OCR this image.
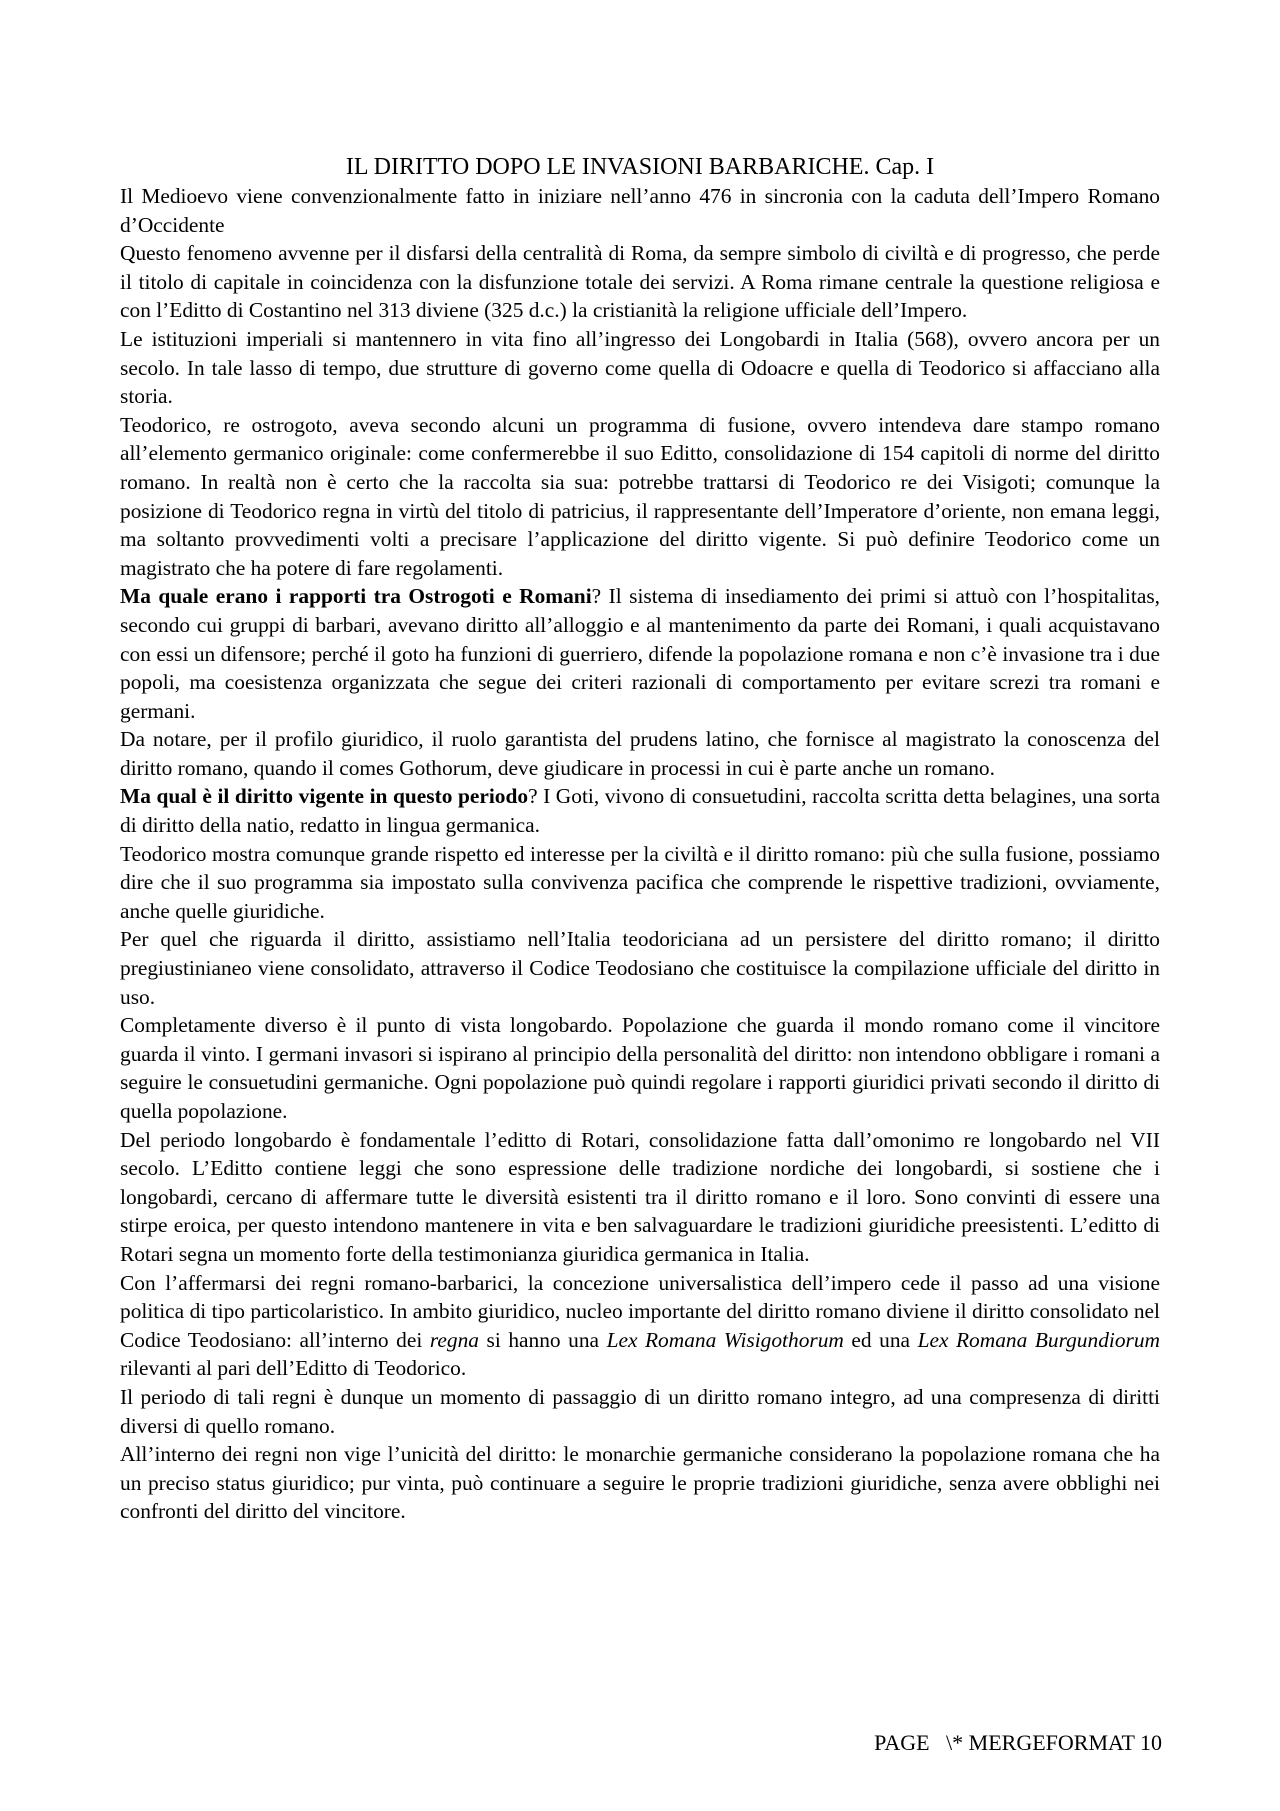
IL DIRITTO DOPO LE INVASIONI BARBARICHE. Cap. I

Il Medioevo viene convenzionalmente fatto in iniziare nell’anno 476 in sincronia con la caduta dell’Impero Romano d’Occidente

Questo fenomeno avvenne per il disfarsi della centralità di Roma, da sempre simbolo di civiltà e di progresso, che perde il titolo di capitale in coincidenza con la disfunzione totale dei servizi. A Roma rimane centrale la questione religiosa e con l’Editto di Costantino nel 313 diviene (325 d.c.) la cristianità la religione ufficiale dell’Impero.

Le istituzioni imperiali si mantennero in vita fino all’ingresso dei Longobardi in Italia (568), ovvero ancora per un secolo. In tale lasso di tempo, due strutture di governo come quella di Odoacre e quella di Teodorico si affacciano alla storia.

Teodorico, re ostrogoto, aveva secondo alcuni un programma di fusione, ovvero intendeva dare stampo romano all’elemento germanico originale: come confermerebbe il suo Editto, consolidazione di 154 capitoli di norme del diritto romano. In realtà non è certo che la raccolta sia sua: potrebbe trattarsi di Teodorico re dei Visigoti; comunque la posizione di Teodorico regna in virtù del titolo di patricius, il rappresentante dell’Imperatore d’oriente, non emana leggi, ma soltanto provvedimenti volti a precisare l’applicazione del diritto vigente. Si può definire Teodorico come un magistrato che ha potere di fare regolamenti.

Ma quale erano i rapporti tra Ostrogoti e Romani? Il sistema di insediamento dei primi si attuò con l’hospitalitas, secondo cui gruppi di barbari, avevano diritto all’alloggio e al mantenimento da parte dei Romani, i quali acquistavano con essi un difensore; perché il goto ha funzioni di guerriero, difende la popolazione romana e non c’è invasione tra i due popoli, ma coesistenza organizzata che segue dei criteri razionali di comportamento per evitare screzi tra romani e germani.

Da notare, per il profilo giuridico, il ruolo garantista del prudens latino, che fornisce al magistrato la conoscenza del diritto romano, quando il comes Gothorum, deve giudicare in processi in cui è parte anche un romano.

Ma qual è il diritto vigente in questo periodo? I Goti, vivono di consuetudini, raccolta scritta detta belagines, una sorta di diritto della natio, redatto in lingua germanica.

Teodorico mostra comunque grande rispetto ed interesse per la civiltà e il diritto romano: più che sulla fusione, possiamo dire che il suo programma sia impostato sulla convivenza pacifica che comprende le rispettive tradizioni, ovviamente, anche quelle giuridiche.

Per quel che riguarda il diritto, assistiamo nell’Italia teodoriciana ad un persistere del diritto romano; il diritto pregiustinianeo viene consolidato, attraverso il Codice Teodosiano che costituisce la compilazione ufficiale del diritto in uso.

Completamente diverso è il punto di vista longobardo. Popolazione che guarda il mondo romano come il vincitore guarda il vinto. I germani invasori si ispirano al principio della personalità del diritto: non intendono obbligare i romani a seguire le consuetudini germaniche. Ogni popolazione può quindi regolare i rapporti giuridici privati secondo il diritto di quella popolazione.

Del periodo longobardo è fondamentale l’editto di Rotari, consolidazione fatta dall’omonimo re longobardo nel VII secolo. L’Editto contiene leggi che sono espressione delle tradizione nordiche dei longobardi, si sostiene che i longobardi, cercano di affermare tutte le diversità esistenti tra il diritto romano e il loro. Sono convinti di essere una stirpe eroica, per questo intendono mantenere in vita e ben salvaguardare le tradizioni giuridiche preesistenti. L’editto di Rotari segna un momento forte della testimonianza giuridica germanica in Italia.

Con l’affermarsi dei regni romano-barbarici, la concezione universalistica dell’impero cede il passo ad una visione politica di tipo particolaristico. In ambito giuridico, nucleo importante del diritto romano diviene il diritto consolidato nel Codice Teodosiano: all’interno dei regna si hanno una Lex Romana Wisigothorum ed una Lex Romana Burgundiorum rilevanti al pari dell’Editto di Teodorico.

Il periodo di tali regni è dunque un momento di passaggio di un diritto romano integro, ad una compresenza di diritti diversi di quello romano.

All’interno dei regni non vige l’unicità del diritto: le monarchie germaniche considerano la popolazione romana che ha un preciso status giuridico; pur vinta, può continuare a seguire le proprie tradizioni giuridiche, senza avere obblighi nei confronti del diritto del vincitore.

PAGE   \* MERGEFORMAT 10
